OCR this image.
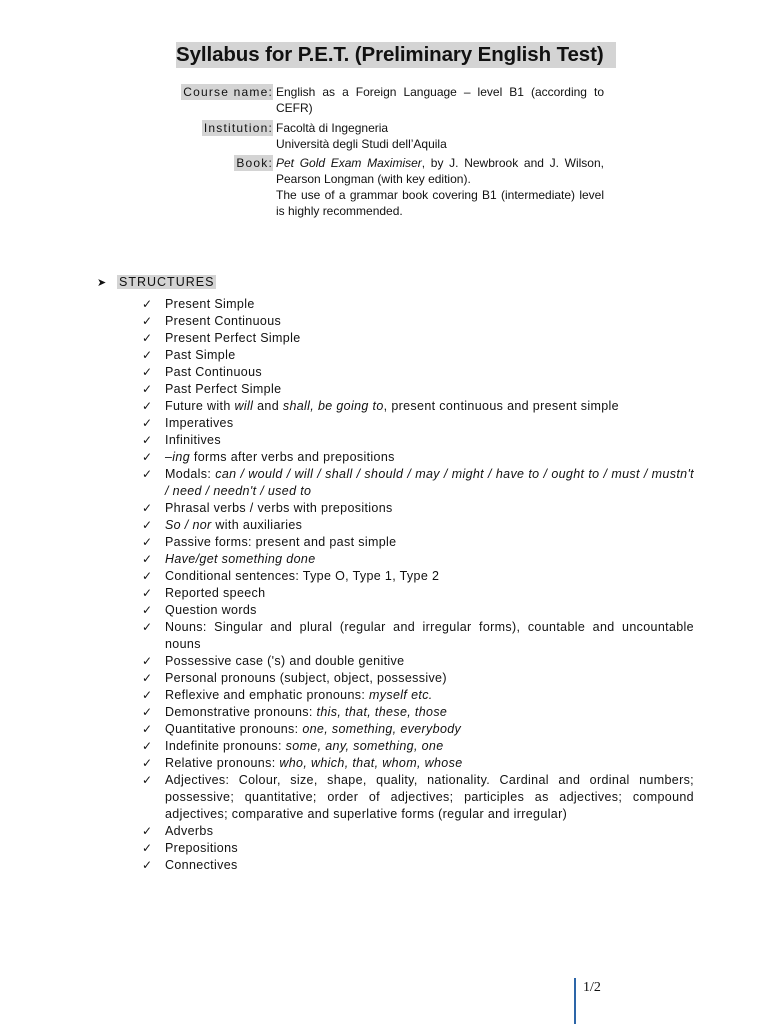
Syllabus for P.E.T. (Preliminary English Test)
Course name: English as a Foreign Language – level B1 (according to CEFR)
Institution: Facoltà di Ingegneria
Università degli Studi dell’Aquila
Book: Pet Gold Exam Maximiser, by J. Newbrook and J. Wilson, Pearson Longman (with key edition).
The use of a grammar book covering B1 (intermediate) level is highly recommended.
➤ STRUCTURES
✓ Present Simple
✓ Present Continuous
✓ Present Perfect Simple
✓ Past Simple
✓ Past Continuous
✓ Past Perfect Simple
✓ Future with will and shall, be going to, present continuous and present simple
✓ Imperatives
✓ Infinitives
✓ –ing forms after verbs and prepositions
✓ Modals: can / would / will / shall / should / may / might / have to / ought to / must / mustn't / need / needn't / used to
✓ Phrasal verbs / verbs with prepositions
✓ So / nor with auxiliaries
✓ Passive forms: present and past simple
✓ Have/get something done
✓ Conditional sentences: Type O, Type 1, Type 2
✓ Reported speech
✓ Question words
✓ Nouns: Singular and plural (regular and irregular forms), countable and uncountable nouns
✓ Possessive case ('s) and double genitive
✓ Personal pronouns (subject, object, possessive)
✓ Reflexive and emphatic pronouns: myself etc.
✓ Demonstrative pronouns: this, that, these, those
✓ Quantitative pronouns: one, something, everybody
✓ Indefinite pronouns: some, any, something, one
✓ Relative pronouns: who, which, that, whom, whose
✓ Adjectives: Colour, size, shape, quality, nationality. Cardinal and ordinal numbers; possessive; quantitative; order of adjectives; participles as adjectives; compound adjectives; comparative and superlative forms (regular and irregular)
✓ Adverbs
✓ Prepositions
✓ Connectives
1/2
